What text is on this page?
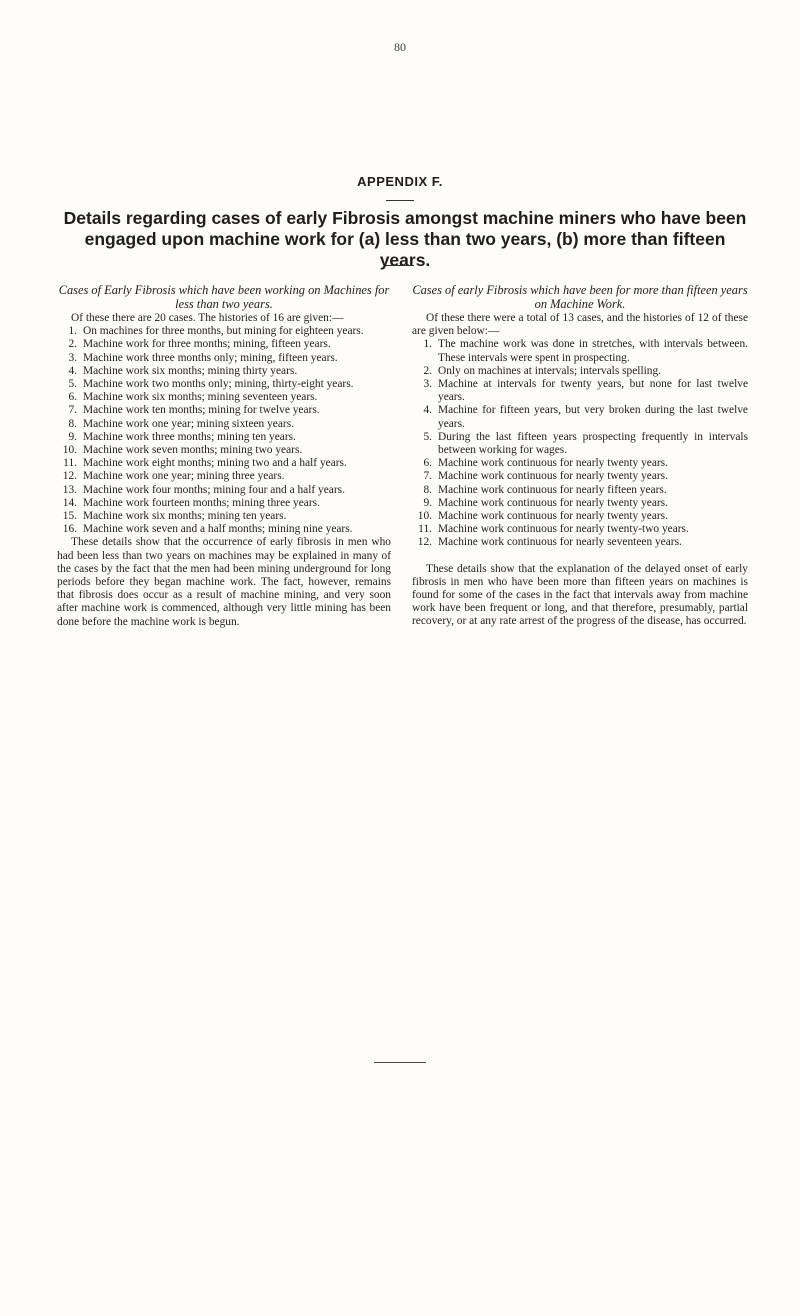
80
APPENDIX F.
Details regarding cases of early Fibrosis amongst machine miners who have been engaged upon machine work for (a) less than two years, (b) more than fifteen years.

Cases of Early Fibrosis which have been working on Machines for less than two years.

Of these there are 20 cases. The histories of 16 are given:—

1. On machines for three months, but mining for eighteen years.
2. Machine work for three months; mining, fifteen years.
3. Machine work three months only; mining, fifteen years.
4. Machine work six months; mining thirty years.
5. Machine work two months only; mining, thirty-eight years.
6. Machine work six months; mining seventeen years.
7. Machine work ten months; mining for twelve years.
8. Machine work one year; mining sixteen years.
9. Machine work three months; mining ten years.
10. Machine work seven months; mining two years.
11. Machine work eight months; mining two and a half years.
12. Machine work one year; mining three years.
13. Machine work four months; mining four and a half years.
14. Machine work fourteen months; mining three years.
15. Machine work six months; mining ten years.
16. Machine work seven and a half months; mining nine years.

These details show that the occurrence of early fibrosis in men who had been less than two years on machines may be explained in many of the cases by the fact that the men had been mining underground for long periods before they began machine work. The fact, however, remains that fibrosis does occur as a result of machine mining, and very soon after machine work is commenced, although very little mining has been done before the machine work is begun.

Cases of early Fibrosis which have been for more than fifteen years on Machine Work.

Of these there were a total of 13 cases, and the histories of 12 of these are given below:—

1. The machine work was done in stretches, with intervals between. These intervals were spent in prospecting.
2. Only on machines at intervals; intervals spelling.
3. Machine at intervals for twenty years, but none for last twelve years.
4. Machine for fifteen years, but very broken during the last twelve years.
5. During the last fifteen years prospecting frequently in intervals between working for wages.
6. Machine work continuous for nearly twenty years.
7. Machine work continuous for nearly twenty years.
8. Machine work continuous for nearly fifteen years.
9. Machine work continuous for nearly twenty years.
10. Machine work continuous for nearly twenty years.
11. Machine work continuous for nearly twenty-two years.
12. Machine work continuous for nearly seventeen years.

These details show that the explanation of the delayed onset of early fibrosis in men who have been more than fifteen years on machines is found for some of the cases in the fact that intervals away from machine work have been frequent or long, and that therefore, presumably, partial recovery, or at any rate arrest of the progress of the disease, has occurred.
